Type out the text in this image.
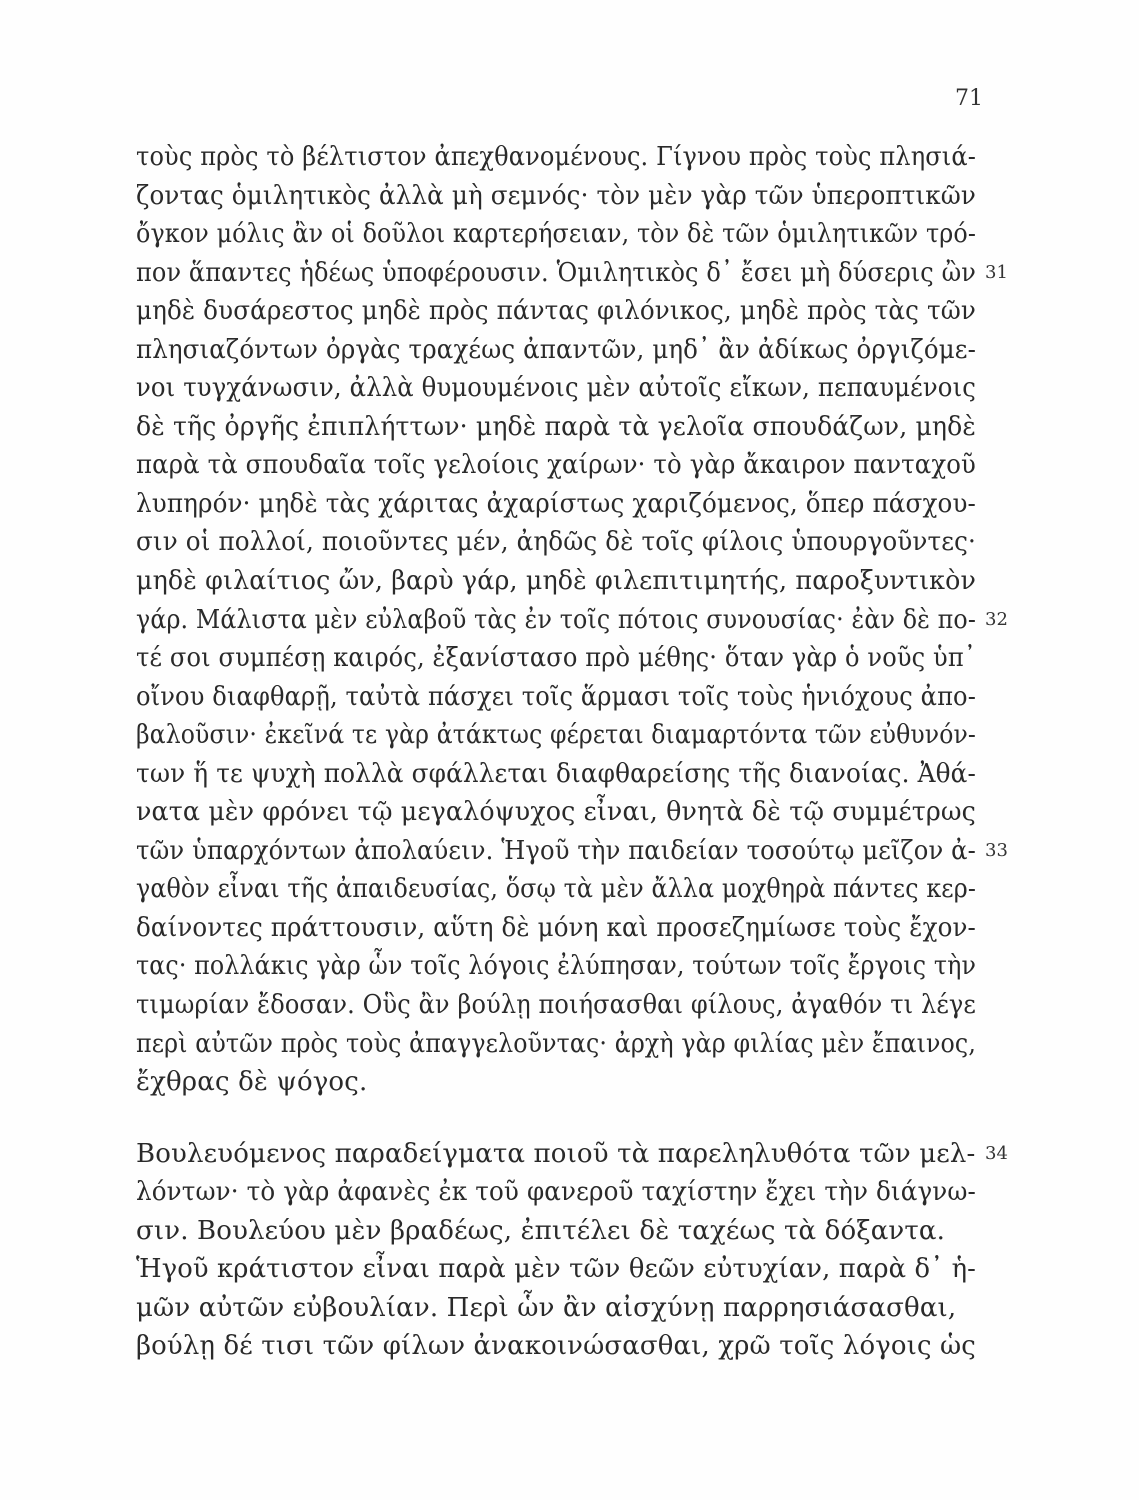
71
τοὺς πρὸς τὸ βέλτιστον ἀπεχθανομένους. Γίγνου πρὸς τοὺς πλησιά-
ζοντας ὁμιλητικὸς ἀλλὰ μὴ σεμνός· τὸν μὲν γὰρ τῶν ὑπεροπτικῶν
ὄγκον μόλις ἂν οἱ δοῦλοι καρτερήσειαν, τὸν δὲ τῶν ὁμιλητικῶν τρό-
πον ἅπαντες ἡδέως ὑποφέρουσιν. Ὁμιλητικὸς δ᾿ ἔσει μὴ δύσερις ὢν 31
μηδὲ δυσάρεστος μηδὲ πρὸς πάντας φιλόνικος, μηδὲ πρὸς τὰς τῶν
πλησιαζόντων ὀργὰς τραχέως ἀπαντῶν, μηδ᾿ ἂν ἀδίκως ὀργιζόμε-
νοι τυγχάνωσιν, ἀλλὰ θυμουμένοις μὲν αὐτοῖς εἴκων, πεπαυμένοις
δὲ τῆς ὀργῆς ἐπιπλήττων· μηδὲ παρὰ τὰ γελοῖα σπουδάζων, μηδὲ
παρὰ τὰ σπουδαῖα τοῖς γελοίοις χαίρων· τὸ γὰρ ἄκαιρον πανταχοῦ
λυπηρόν· μηδὲ τὰς χάριτας ἀχαρίστως χαριζόμενος, ὅπερ πάσχου-
σιν οἱ πολλοί, ποιοῦντες μέν, ἀηδῶς δὲ τοῖς φίλοις ὑπουργοῦντες·
μηδὲ φιλαίτιος ὤν, βαρὺ γάρ, μηδὲ φιλεπιτιμητής, παροξυντικὸν
γάρ. Μάλιστα μὲν εὐλαβοῦ τὰς ἐν τοῖς πότοις συνουσίας· ἐὰν δὲ πο- 32
τέ σοι συμπέσῃ καιρός, ἐξανίστασο πρὸ μέθης· ὅταν γὰρ ὁ νοῦς ὑπ᾿
οἴνου διαφθαρῇ, ταὐτὰ πάσχει τοῖς ἅρμασι τοῖς τοὺς ἡνιόχους ἀπο-
βαλοῦσιν· ἐκεῖνά τε γὰρ ἀτάκτως φέρεται διαμαρτόντα τῶν εὐθυνόν-
των ἥ τε ψυχὴ πολλὰ σφάλλεται διαφθαρείσης τῆς διανοίας. Ἀθά-
νατα μὲν φρόνει τῷ μεγαλόψυχος εἶναι, θνητὰ δὲ τῷ συμμέτρως
τῶν ὑπαρχόντων ἀπολαύειν. Ἡγοῦ τὴν παιδείαν τοσούτῳ μεῖζον ἀ- 33
γαθὸν εἶναι τῆς ἀπαιδευσίας, ὅσῳ τὰ μὲν ἄλλα μοχθηρὰ πάντες κερ-
δαίνοντες πράττουσιν, αὕτη δὲ μόνη καὶ προσεζημίωσε τοὺς ἔχον-
τας· πολλάκις γὰρ ὧν τοῖς λόγοις ἐλύπησαν, τούτων τοῖς ἔργοις τὴν
τιμωρίαν ἔδοσαν. Οὓς ἂν βούλῃ ποιήσασθαι φίλους, ἀγαθόν τι λέγε
περὶ αὐτῶν πρὸς τοὺς ἀπαγγελοῦντας· ἀρχὴ γὰρ φιλίας μὲν ἔπαινος,
ἔχθρας δὲ ψόγος.
Βουλευόμενος παραδείγματα ποιοῦ τὰ παρεληλυθότα τῶν μελ- 34
λόντων· τὸ γὰρ ἀφανὲς ἐκ τοῦ φανεροῦ ταχίστην ἔχει τὴν διάγνω-
σιν. Βουλεύου μὲν βραδέως, ἐπιτέλει δὲ ταχέως τὰ δόξαντα.
Ἡγοῦ κράτιστον εἶναι παρὰ μὲν τῶν θεῶν εὐτυχίαν, παρὰ δ᾿ ἡ-
μῶν αὐτῶν εὐβουλίαν. Περὶ ὧν ἂν αἰσχύνῃ παρρησιάσασθαι,
βούλῃ δέ τισι τῶν φίλων ἀνακοινώσασθαι, χρῶ τοῖς λόγοις ὡς
